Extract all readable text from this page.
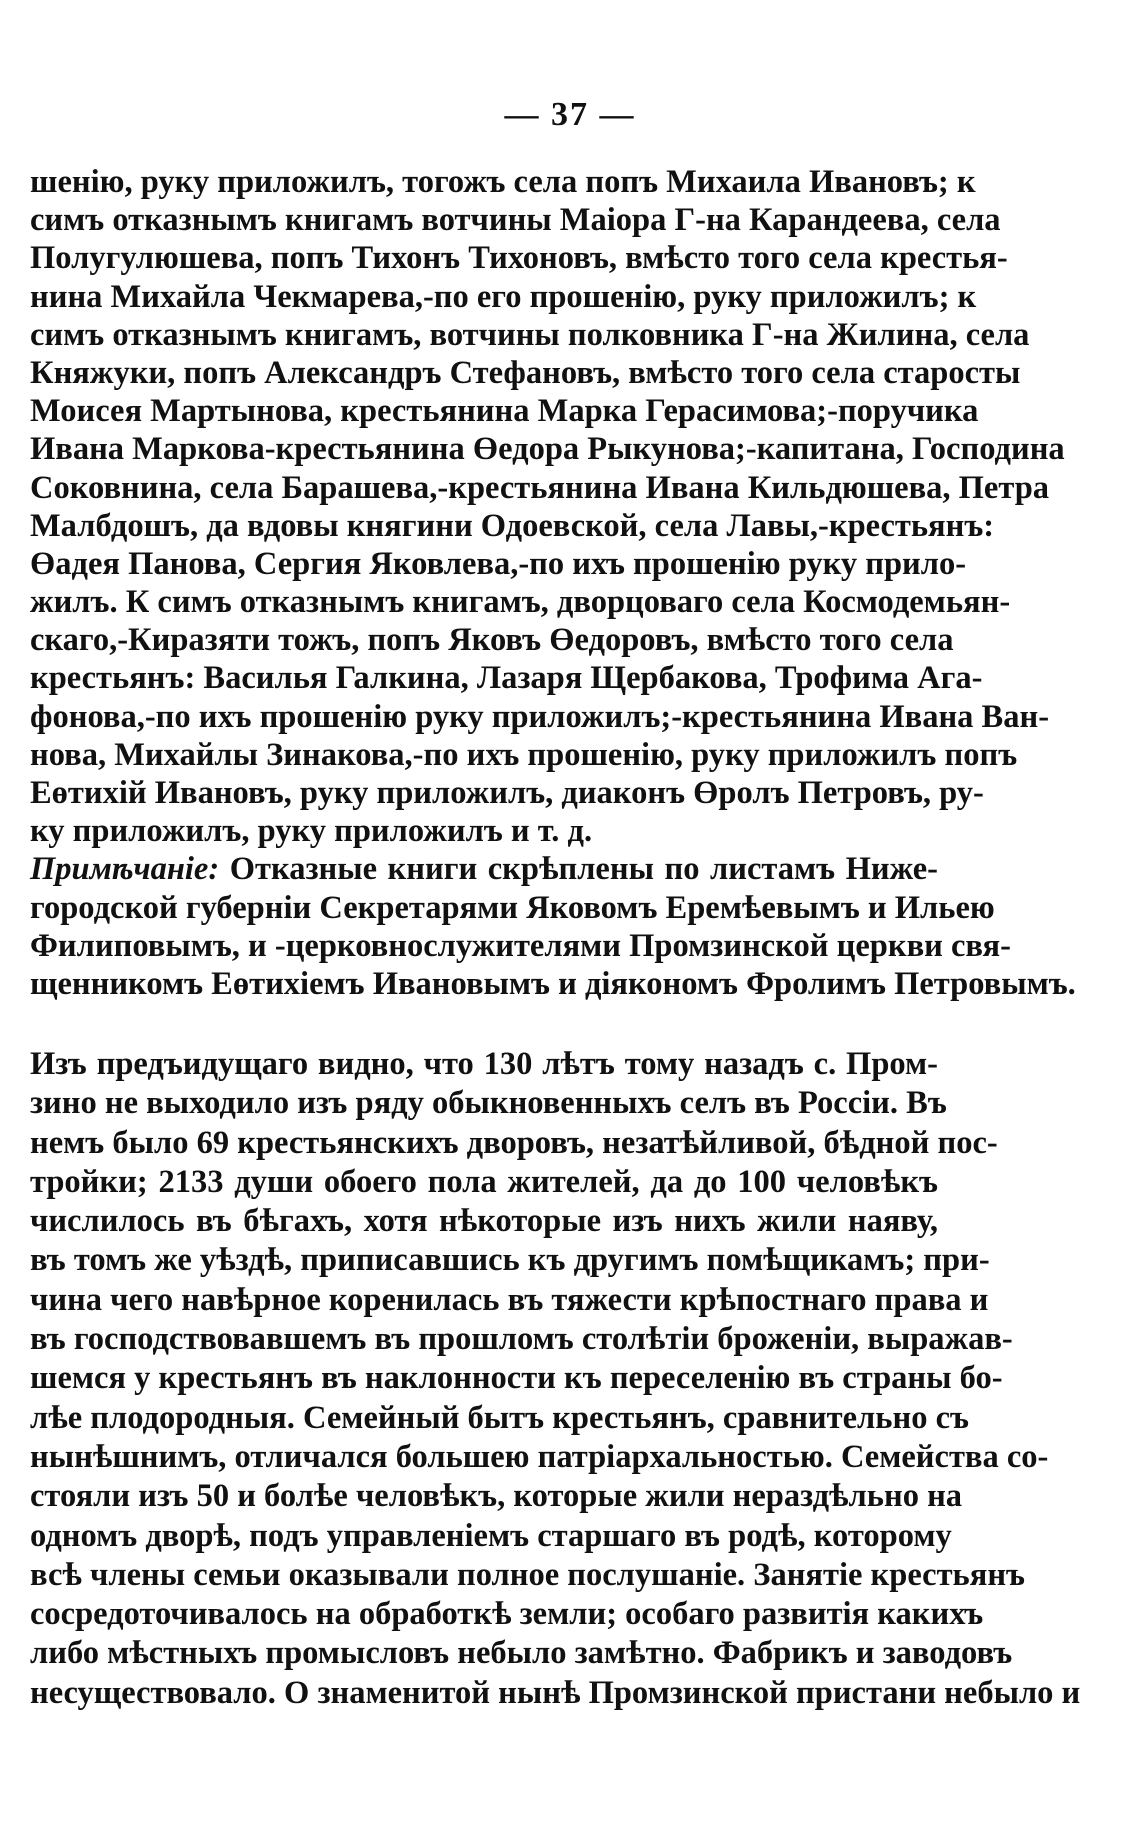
— 37 —
шенію, руку приложилъ, тогожъ села попъ Михаила Ивановъ; к
симъ отказнымъ книгамъ вотчины Маіора Г-на Карандеева, села
Полугулюшева, попъ Тихонъ Тихоновъ, вмѣсто того села крестья-
нина Михайла Чекмарева,-по его прошенію, руку приложилъ; к
симъ отказнымъ книгамъ, вотчины полковника Г-на Жилина, села
Княжуки, попъ Александръ Стефановъ, вмѣсто того села старосты
Моисея Мартынова, крестьянина Марка Герасимова;-поручика
Ивана Маркова-крестьянина Өедора Рыкунова;-капитана, Господина
Соковнина, села Барашева,-крестьянина Ивана Кильдюшева, Петра
Малбдошъ, да вдовы княгини Одоевской, села Лавы,-крестьянъ:
Өадея Панова, Сергия Яковлева,-по ихъ прошенію руку прило-
жилъ. К симъ отказнымъ книгамъ, дворцоваго села Космодемьян-
скаго,-Киразяти тожъ, попъ Яковъ Өедоровъ, вмѣсто того села
крестьянъ: Василья Галкина, Лазаря Щербакова, Трофима Ага-
фонова,-по ихъ прошенію руку приложилъ;-крестьянина Ивана Ван-
нова, Михайлы Зинакова,-по ихъ прошенію, руку приложилъ попъ
Еөтихій Ивановъ, руку приложилъ, диаконъ Өролъ Петровъ, ру-
ку приложилъ, руку приложилъ и т. д.
Примѣчаніе: Отказные книги скрѣплены по листамъ Ниже-
городской губерніи Секретарями Яковомъ Еремѣевымъ и Ильею
Филиповымъ, и -церковнослужителями Промзинской церкви свя-
щенникомъ Еөтихіемъ Ивановымъ и діякономъ Фролимъ Петровымъ.
Изъ предъидущаго видно, что 130 лѣтъ тому назадъ с. Пром-
зино не выходило изъ ряду обыкновенныхъ селъ въ Россіи. Въ
немъ было 69 крестьянскихъ дворовъ, незатѣйливой, бѣдной пос-
тройки; 2133 души обоего пола жителей, да до 100 человѣкъ
числилось въ бѣгахъ, хотя нѣкоторые изъ нихъ жили наяву,
въ томъ же уѣздѣ, приписавшись къ другимъ помѣщикамъ; при-
чина чего навѣрное коренилась въ тяжести крѣпостнаго права и
въ господствовавшемъ въ прошломъ столѣтіи броженіи, выражав-
шемся у крестьянъ въ наклонности къ переселенію въ страны бо-
лѣе плодородныя. Семейный бытъ крестьянъ, сравнительно съ
нынѣшнимъ, отличался большею патріархальностью. Семейства со-
стояли изъ 50 и болѣе человѣкъ, которые жили нераздѣльно на
одномъ дворѣ, подъ управленіемъ старшаго въ родѣ, которому
всѣ члены семьи оказывали полное послушаніе. Занятіе крестьянъ
сосредоточивалось на обработкѣ земли; особаго развитія какихъ
либо мѣстныхъ промысловъ небыло замѣтно. Фабрикъ и заводовъ
несуществовало. О знаменитой нынѣ Промзинской пристани небыло и
